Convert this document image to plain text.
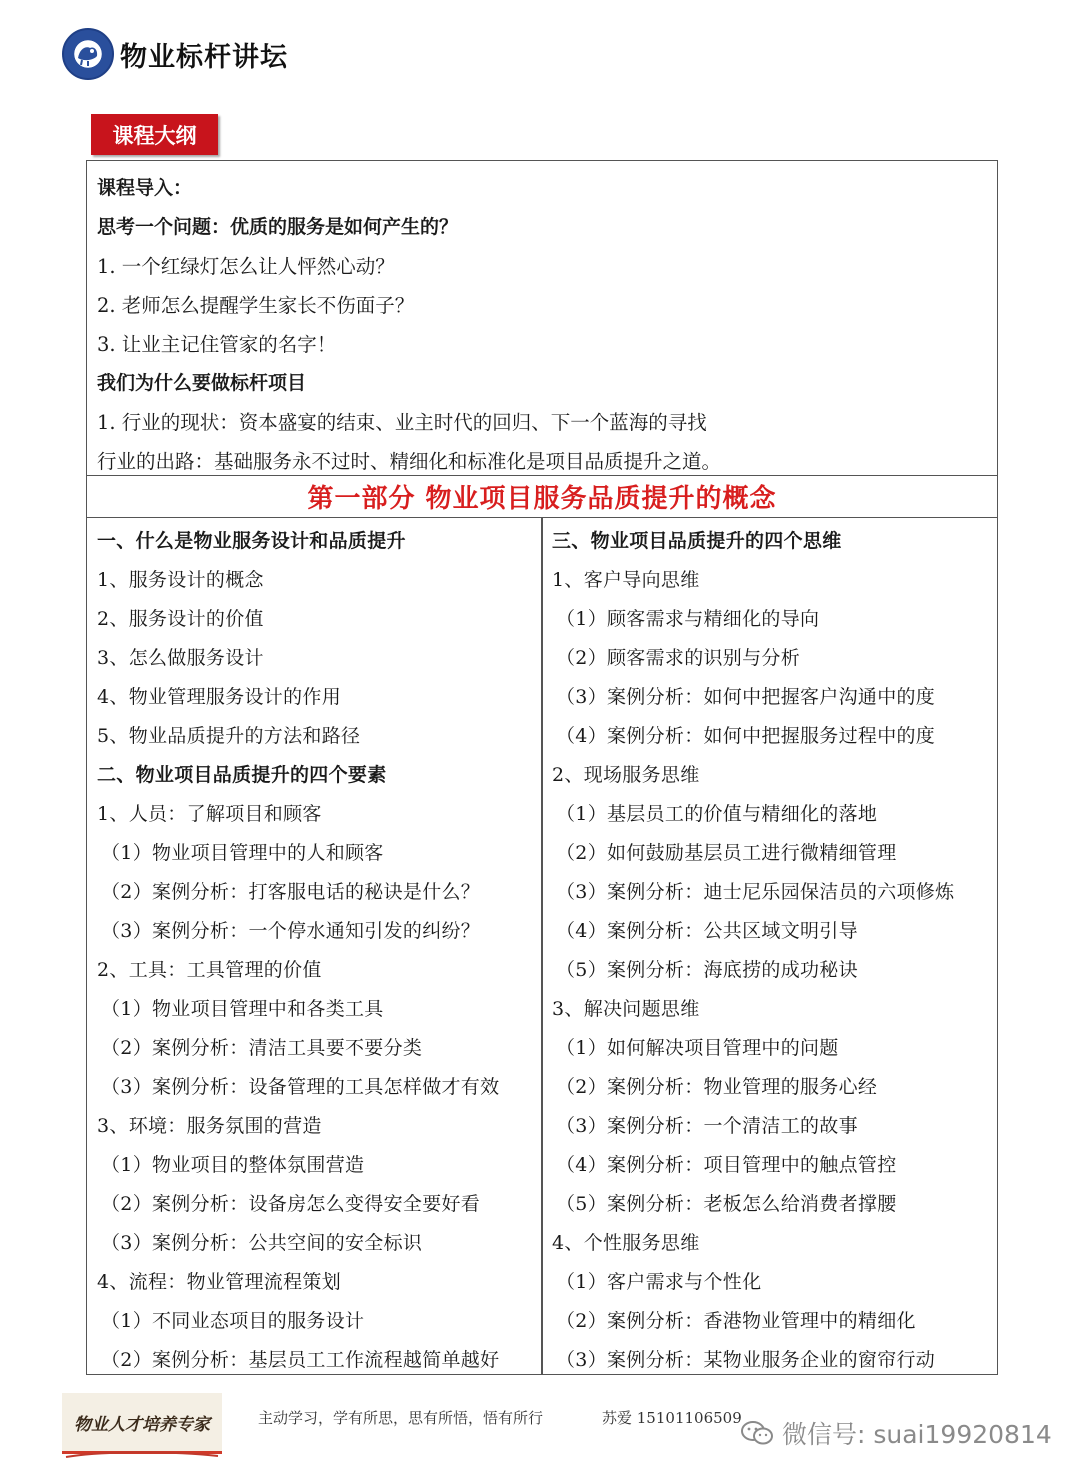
物业标杆讲坛
课程大纲
课程导入：
思考一个问题：优质的服务是如何产生的？
1. 一个红绿灯怎么让人怦然心动？
2. 老师怎么提醒学生家长不伤面子？
3. 让业主记住管家的名字！
我们为什么要做标杆项目
1. 行业的现状：资本盛宴的结束、业主时代的回归、下一个蓝海的寻找
行业的出路：基础服务永不过时、精细化和标准化是项目品质提升之道。
第一部分 物业项目服务品质提升的概念
一、什么是物业服务设计和品质提升
1、服务设计的概念
2、服务设计的价值
3、怎么做服务设计
4、物业管理服务设计的作用
5、物业品质提升的方法和路径
二、物业项目品质提升的四个要素
1、人员：了解项目和顾客
（1）物业项目管理中的人和顾客
（2）案例分析：打客服电话的秘诀是什么？
（3）案例分析：一个停水通知引发的纠纷？
2、工具：工具管理的价值
（1）物业项目管理中和各类工具
（2）案例分析：清洁工具要不要分类
（3）案例分析：设备管理的工具怎样做才有效
3、环境：服务氛围的营造
（1）物业项目的整体氛围营造
（2）案例分析：设备房怎么变得安全要好看
（3）案例分析：公共空间的安全标识
4、流程：物业管理流程策划
（1）不同业态项目的服务设计
（2）案例分析：基层员工工作流程越简单越好
三、物业项目品质提升的四个思维
1、客户导向思维
（1）顾客需求与精细化的导向
（2）顾客需求的识别与分析
（3）案例分析：如何中把握客户沟通中的度
（4）案例分析：如何中把握服务过程中的度
2、现场服务思维
（1）基层员工的价值与精细化的落地
（2）如何鼓励基层员工进行微精细管理
（3）案例分析：迪士尼乐园保洁员的六项修炼
（4）案例分析：公共区域文明引导
（5）案例分析：海底捞的成功秘诀
3、解决问题思维
（1）如何解决项目管理中的问题
（2）案例分析：物业管理的服务心经
（3）案例分析：一个清洁工的故事
（4）案例分析：项目管理中的触点管控
（5）案例分析：老板怎么给消费者撑腰
4、个性服务思维
（1）客户需求与个性化
（2）案例分析：香港物业管理中的精细化
（3）案例分析：某物业服务企业的窗帘行动
物业人才培养专家	主动学习，学有所思，思有所悟，悟有所行	苏爱 15101106509
微信号: suai19920814
